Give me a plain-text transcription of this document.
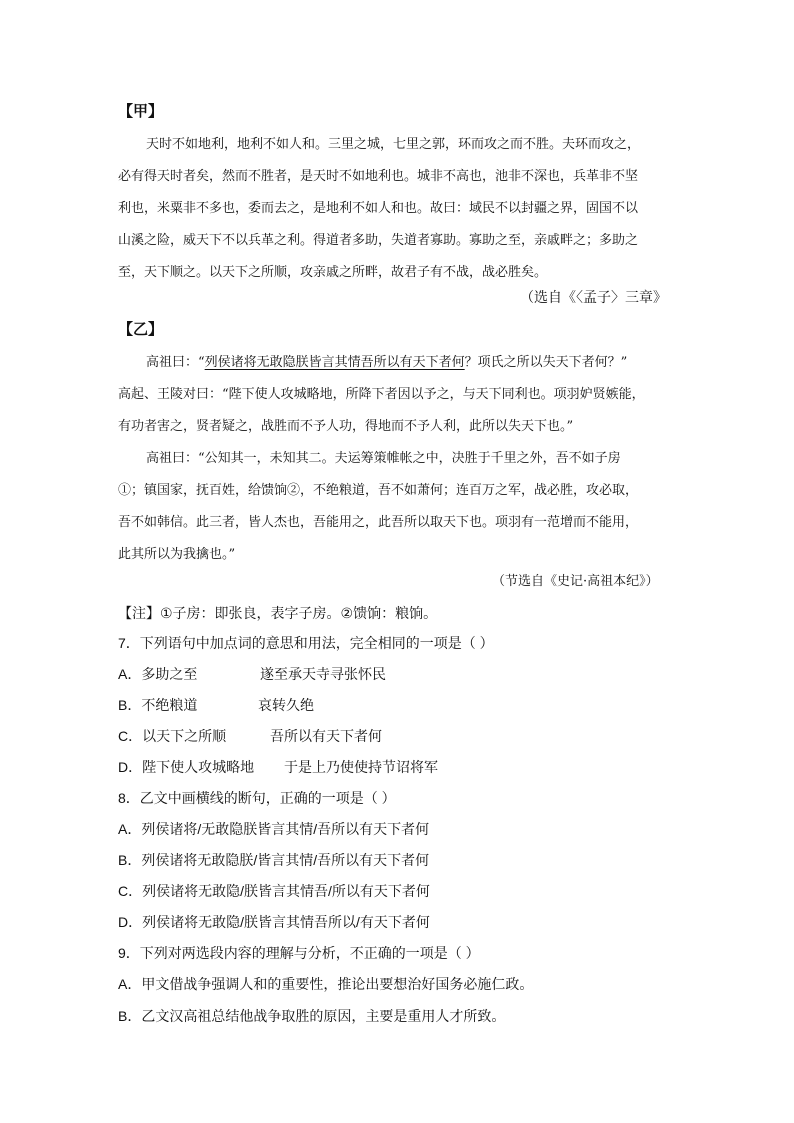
【甲】
天时不如地利，地利不如人和。三里之城，七里之郭，环而攻之而不胜。夫环而攻之，
必有得天时者矣，然而不胜者，是天时不如地利也。城非不高也，池非不深也，兵革非不坚
利也，米粟非不多也，委而去之，是地利不如人和也。故曰：域民不以封疆之界，固国不以
山溪之险，威天下不以兵革之利。得道者多助，失道者寡助。寡助之至，亲戚畔之；多助之
至，天下顺之。以天下之所顺，攻亲戚之所畔，故君子有不战，战必胜矣。
（选自《〈孟子〉三章》
【乙】
高祖曰：“列侯诸将无敢隐朕皆言其情吾所以有天下者何？项氏之所以失天下者何？”
高起、王陵对曰：“陛下使人攻城略地，所降下者因以予之，与天下同利也。项羽妒贤嫉能，
有功者害之，贤者疑之，战胜而不予人功，得地而不予人利，此所以失天下也。”
高祖曰：“公知其一，未知其二。夫运筹策帷帐之中，决胜于千里之外，吾不如子房
①；镇国家，抚百姓，给馈饷②，不绝粮道，吾不如萧何；连百万之军，战必胜，攻必取，
吾不如韩信。此三者，皆人杰也，吾能用之，此吾所以取天下也。项羽有一范增而不能用，
此其所以为我擒也。”
（节选自《史记·高祖本纪》）
【注】①子房：即张良，表字子房。②馈饷：粮饷。
7．下列语句中加点词的意思和用法，完全相同的一项是（ ）
A．多助之至	遂至承天寺寻张怀民
B．不绝粮道	哀转久绝
C．以天下之所顺	吾所以有天下者何
D．陛下使人攻城略地 于是上乃使使持节诏将军
8．乙文中画横线的断句，正确的一项是（ ）
A．列侯诸将/无敢隐朕皆言其情/吾所以有天下者何
B．列侯诸将无敢隐朕/皆言其情/吾所以有天下者何
C．列侯诸将无敢隐/朕皆言其情吾/所以有天下者何
D．列侯诸将无敢隐/朕皆言其情吾所以/有天下者何
9．下列对两选段内容的理解与分析，不正确的一项是（ ）
A．甲文借战争强调人和的重要性，推论出要想治好国务必施仁政。
B．乙文汉高祖总结他战争取胜的原因，主要是重用人才所致。
